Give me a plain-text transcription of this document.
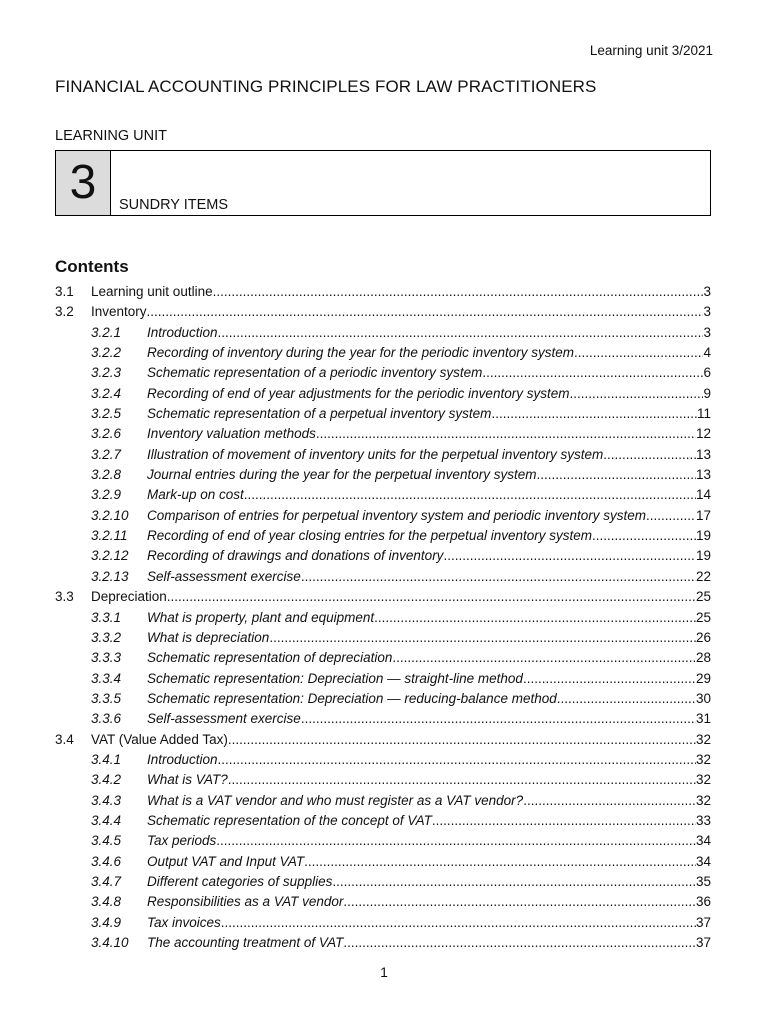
Learning unit 3/2021
FINANCIAL ACCOUNTING PRINCIPLES FOR LAW PRACTITIONERS
LEARNING UNIT
3	SUNDRY ITEMS
Contents
3.1	Learning unit outline .....	3
3.2	Inventory .....	3
3.2.1	Introduction .....	3
3.2.2	Recording of inventory during the year for the periodic inventory system .....	4
3.2.3	Schematic representation of a periodic inventory system .....	6
3.2.4	Recording of end of year adjustments for the periodic inventory system .....	9
3.2.5	Schematic representation of a perpetual inventory system .....	11
3.2.6	Inventory valuation methods .....	12
3.2.7	Illustration of movement of inventory units for the perpetual inventory system .....	13
3.2.8	Journal entries during the year for the perpetual inventory system .....	13
3.2.9	Mark-up on cost .....	14
3.2.10	Comparison of entries for perpetual inventory system and periodic inventory system .....	17
3.2.11	Recording of end of year closing entries for the perpetual inventory system .....	19
3.2.12	Recording of drawings and donations of inventory .....	19
3.2.13	Self-assessment exercise .....	22
3.3	Depreciation .....	25
3.3.1	What is property, plant and equipment .....	25
3.3.2	What is depreciation .....	26
3.3.3	Schematic representation of depreciation .....	28
3.3.4	Schematic representation: Depreciation — straight-line method .....	29
3.3.5	Schematic representation: Depreciation — reducing-balance method .....	30
3.3.6	Self-assessment exercise .....	31
3.4	VAT (Value Added Tax) .....	32
3.4.1	Introduction .....	32
3.4.2	What is VAT? .....	32
3.4.3	What is a VAT vendor and who must register as a VAT vendor? .....	32
3.4.4	Schematic representation of the concept of VAT .....	33
3.4.5	Tax periods .....	34
3.4.6	Output VAT and Input VAT .....	34
3.4.7	Different categories of supplies .....	35
3.4.8	Responsibilities as a VAT vendor .....	36
3.4.9	Tax invoices .....	37
3.4.10	The accounting treatment of VAT .....	37
1
